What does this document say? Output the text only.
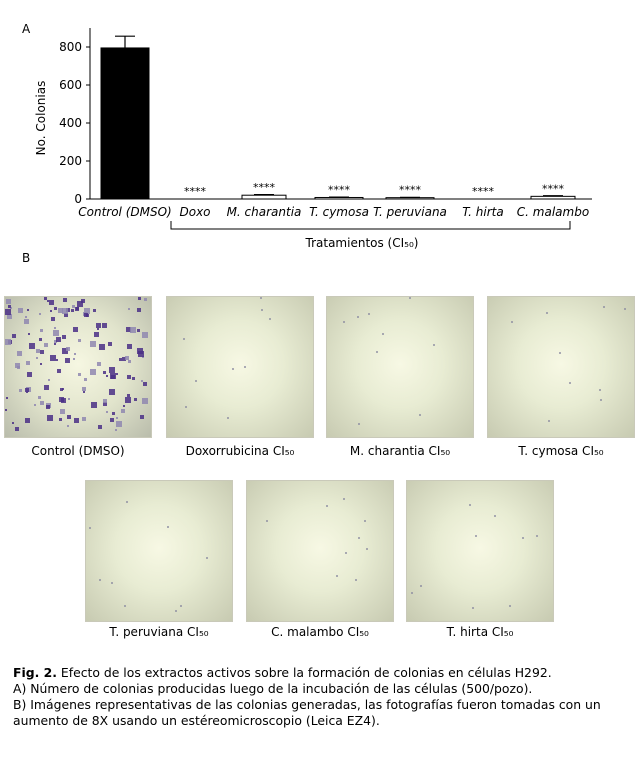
A
0
200
400
600
800
No. Colonias
Control (DMSO)
****
Doxo
****
M. charantia
****
T. cymosa
****
T. peruviana
****
T. hirta
****
C. malambo
Tratamientos (CI₅₀)
B
Control (DMSO)	Doxorrubicina CI₅₀	M. charantia CI₅₀	T. cymosa CI₅₀
T. peruviana CI₅₀	C. malambo CI₅₀	T. hirta CI₅₀
Fig. 2. Efecto de los extractos activos sobre la formación de colonias en células H292.
A) Número de colonias producidas luego de la incubación de las células (500/pozo).
B) Imágenes representativas de las colonias generadas, las fotografías fueron tomadas con un aumento de 8X usando un estéreomicroscopio (Leica EZ4).
